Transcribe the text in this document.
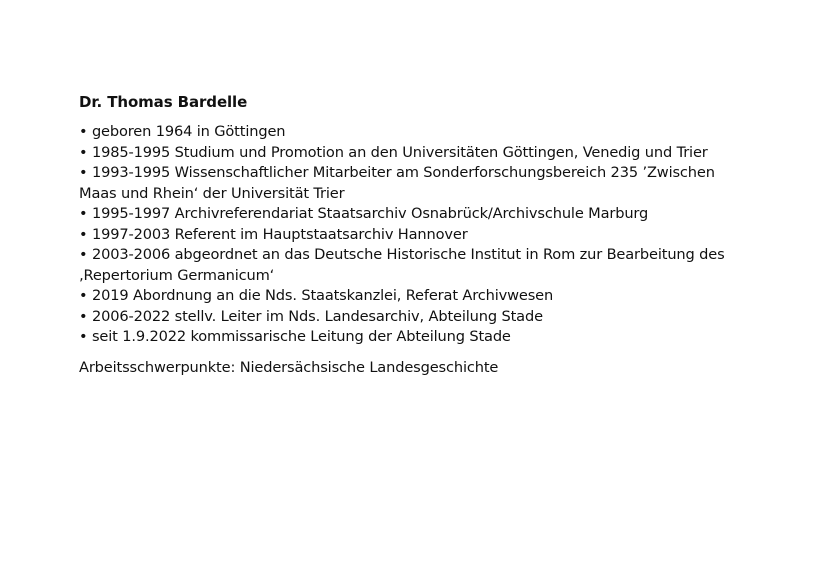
Dr. Thomas Bardelle
• geboren 1964 in Göttingen
• 1985-1995 Studium und Promotion an den Universitäten Göttingen, Venedig und Trier
• 1993-1995 Wissenschaftlicher Mitarbeiter am Sonderforschungsbereich 235 ’Zwischen
Maas und Rhein‘ der Universität Trier
• 1995-1997 Archivreferendariat Staatsarchiv Osnabrück/Archivschule Marburg
• 1997-2003 Referent im Hauptstaatsarchiv Hannover
• 2003-2006 abgeordnet an das Deutsche Historische Institut in Rom zur Bearbeitung des
‚Repertorium Germanicum‘
• 2019 Abordnung an die Nds. Staatskanzlei, Referat Archivwesen
• 2006-2022 stellv. Leiter im Nds. Landesarchiv, Abteilung Stade
• seit 1.9.2022 kommissarische Leitung der Abteilung Stade
Arbeitsschwerpunkte: Niedersächsische Landesgeschichte
